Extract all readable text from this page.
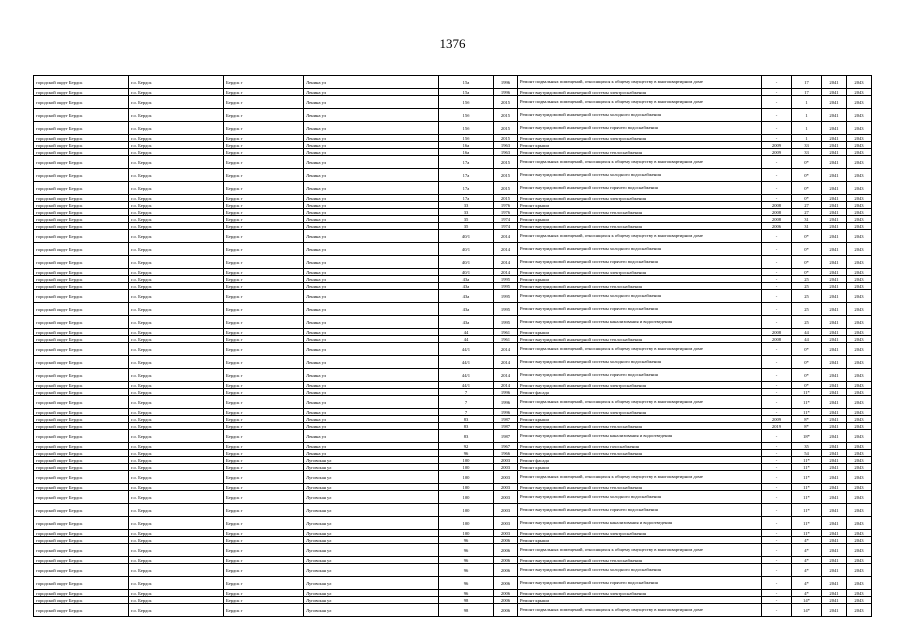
1376
городской округ Бердск	г.о. Бердск	Бердск г	Ленина ул	15а	1996	Ремонт подвальных помещений, относящихся к общему имуществу в многоквартирном доме	-	17	2041	2043
городской округ Бердск	г.о. Бердск	Бердск г	Ленина ул	15а	1996	Ремонт внутридомовой инженерной системы электроснабжения	-	17	2041	2043
городской округ Бердск	г.о. Бердск	Бердск г	Ленина ул	15б	2015	Ремонт подвальных помещений, относящихся к общему имуществу в многоквартирном доме	-	1	2041	2043
городской округ Бердск	г.о. Бердск	Бердск г	Ленина ул	15б	2015	Ремонт внутридомовой инженерной системы холодного водоснабжения	-	1	2041	2043
городской округ Бердск	г.о. Бердск	Бердск г	Ленина ул	15б	2015	Ремонт внутридомовой инженерной системы горячего водоснабжения	-	1	2041	2043
городской округ Бердск	г.о. Бердск	Бердск г	Ленина ул	15б	2015	Ремонт внутридомовой инженерной системы электроснабжения	-	1	2041	2043
городской округ Бердск	г.о. Бердск	Бердск г	Ленина ул	16а	1963	Ремонт крыши	2009	33	2041	2043
городской округ Бердск	г.о. Бердск	Бердск г	Ленина ул	16а	1963	Ремонт внутридомовой инженерной системы теплоснабжения	2009	33	2041	2043
городской округ Бердск	г.о. Бердск	Бердск г	Ленина ул	17а	2015	Ремонт подвальных помещений, относящихся к общему имуществу в многоквартирном доме	-	0*	2041	2043
городской округ Бердск	г.о. Бердск	Бердск г	Ленина ул	17а	2015	Ремонт внутридомовой инженерной системы холодного водоснабжения	-	0*	2041	2043
городской округ Бердск	г.о. Бердск	Бердск г	Ленина ул	17а	2015	Ремонт внутридомовой инженерной системы горячего водоснабжения	-	0*	2041	2043
городской округ Бердск	г.о. Бердск	Бердск г	Ленина ул	17а	2015	Ремонт внутридомовой инженерной системы электроснабжения	-	0*	2041	2043
городской округ Бердск	г.о. Бердск	Бердск г	Ленина ул	33	1976	Ремонт крыши	2008	27	2041	2043
городской округ Бердск	г.о. Бердск	Бердск г	Ленина ул	33	1976	Ремонт внутридомовой инженерной системы теплоснабжения	2008	27	2041	2043
городской округ Бердск	г.о. Бердск	Бердск г	Ленина ул	35	1974	Ремонт крыши	2008	31	2041	2043
городской округ Бердск	г.о. Бердск	Бердск г	Ленина ул	35	1974	Ремонт внутридомовой инженерной системы теплоснабжения	2006	31	2041	2043
городской округ Бердск	г.о. Бердск	Бердск г	Ленина ул	40/1	2014	Ремонт подвальных помещений, относящихся к общему имуществу в многоквартирном доме	-	0*	2041	2043
городской округ Бердск	г.о. Бердск	Бердск г	Ленина ул	40/1	2014	Ремонт внутридомовой инженерной системы холодного водоснабжения	-	0*	2041	2043
городской округ Бердск	г.о. Бердск	Бердск г	Ленина ул	40/1	2014	Ремонт внутридомовой инженерной системы горячего водоснабжения	-	0*	2041	2043
городской округ Бердск	г.о. Бердск	Бердск г	Ленина ул	40/1	2014	Ремонт внутридомовой инженерной системы электроснабжения	-	0*	2041	2043
городской округ Бердск	г.о. Бердск	Бердск г	Ленина ул	43а	1995	Ремонт крыши	-	25	2041	2043
городской округ Бердск	г.о. Бердск	Бердск г	Ленина ул	43а	1995	Ремонт внутридомовой инженерной системы теплоснабжения	-	25	2041	2043
городской округ Бердск	г.о. Бердск	Бердск г	Ленина ул	43а	1995	Ремонт внутридомовой инженерной системы холодного водоснабжения	-	25	2041	2043
городской округ Бердск	г.о. Бердск	Бердск г	Ленина ул	43а	1995	Ремонт внутридомовой инженерной системы горячего водоснабжения	-	25	2041	2043
городской округ Бердск	г.о. Бердск	Бердск г	Ленина ул	43а	1995	Ремонт внутридомовой инженерной системы канализования и водоотведения	-	25	2041	2043
городской округ Бердск	г.о. Бердск	Бердск г	Ленина ул	44	1961	Ремонт крыши	2008	44	2041	2043
городской округ Бердск	г.о. Бердск	Бердск г	Ленина ул	44	1961	Ремонт внутридомовой инженерной системы теплоснабжения	2008	44	2041	2043
городской округ Бердск	г.о. Бердск	Бердск г	Ленина ул	44/1	2014	Ремонт подвальных помещений, относящихся к общему имуществу в многоквартирном доме	-	0*	2041	2043
городской округ Бердск	г.о. Бердск	Бердск г	Ленина ул	44/1	2014	Ремонт внутридомовой инженерной системы холодного водоснабжения	-	0*	2041	2043
городской округ Бердск	г.о. Бердск	Бердск г	Ленина ул	44/1	2014	Ремонт внутридомовой инженерной системы горячего водоснабжения	-	0*	2041	2043
городской округ Бердск	г.о. Бердск	Бердск г	Ленина ул	44/1	2014	Ремонт внутридомовой инженерной системы электроснабжения	-	0*	2041	2043
городской округ Бердск	г.о. Бердск	Бердск г	Ленина ул	7	1996	Ремонт фасада	-	11*	2041	2043
городской округ Бердск	г.о. Бердск	Бердск г	Ленина ул	7	1996	Ремонт подвальных помещений, относящихся к общему имуществу в многоквартирном доме	-	11*	2041	2043
городской округ Бердск	г.о. Бердск	Бердск г	Ленина ул	7	1996	Ремонт внутридомовой инженерной системы электроснабжения	-	11*	2041	2043
городской округ Бердск	г.о. Бердск	Бердск г	Ленина ул	83	1987	Ремонт крыши	2009	8*	2041	2043
городской округ Бердск	г.о. Бердск	Бердск г	Ленина ул	83	1987	Ремонт внутридомовой инженерной системы теплоснабжения	2019	8*	2041	2043
городской округ Бердск	г.о. Бердск	Бердск г	Ленина ул	83	1987	Ремонт внутридомовой инженерной системы канализования и водоотведения	-	18*	2041	2043
городской округ Бердск	г.о. Бердск	Бердск г	Ленина ул	92	1967	Ремонт внутридомовой инженерной системы газоснабжения	-	35	2041	2043
городской округ Бердск	г.о. Бердск	Бердск г	Ленина ул	96	1966	Ремонт внутридомовой инженерной системы теплоснабжения	-	54	2041	2043
городской округ Бердск	г.о. Бердск	Бердск г	Луговская ул	100	2003	Ремонт фасада	-	11*	2041	2043
городской округ Бердск	г.о. Бердск	Бердск г	Луговская ул	100	2003	Ремонт крыши	-	11*	2041	2043
городской округ Бердск	г.о. Бердск	Бердск г	Луговская ул	100	2003	Ремонт подвальных помещений, относящихся к общему имуществу в многоквартирном доме	-	11*	2041	2043
городской округ Бердск	г.о. Бердск	Бердск г	Луговская ул	100	2003	Ремонт внутридомовой инженерной системы теплоснабжения	-	11*	2041	2043
городской округ Бердск	г.о. Бердск	Бердск г	Луговская ул	100	2003	Ремонт внутридомовой инженерной системы холодного водоснабжения	-	11*	2041	2043
городской округ Бердск	г.о. Бердск	Бердск г	Луговская ул	100	2003	Ремонт внутридомовой инженерной системы горячего водоснабжения	-	11*	2041	2043
городской округ Бердск	г.о. Бердск	Бердск г	Луговская ул	100	2003	Ремонт внутридомовой инженерной системы канализования и водоотведения	-	11*	2041	2043
городской округ Бердск	г.о. Бердск	Бердск г	Луговская ул	100	2003	Ремонт внутридомовой инженерной системы электроснабжения	-	11*	2041	2043
городской округ Бердск	г.о. Бердск	Бердск г	Луговская ул	96	2006	Ремонт крыши	-	4*	2041	2043
городской округ Бердск	г.о. Бердск	Бердск г	Луговская ул	96	2006	Ремонт подвальных помещений, относящихся к общему имуществу в многоквартирном доме	-	4*	2041	2043
городской округ Бердск	г.о. Бердск	Бердск г	Луговская ул	96	2006	Ремонт внутридомовой инженерной системы теплоснабжения	-	4*	2041	2043
городской округ Бердск	г.о. Бердск	Бердск г	Луговская ул	96	2006	Ремонт внутридомовой инженерной системы холодного водоснабжения	-	4*	2041	2043
городской округ Бердск	г.о. Бердск	Бердск г	Луговская ул	96	2006	Ремонт внутридомовой инженерной системы горячего водоснабжения	-	4*	2041	2043
городской округ Бердск	г.о. Бердск	Бердск г	Луговская ул	96	2006	Ремонт внутридомовой инженерной системы электроснабжения	-	4*	2041	2043
городской округ Бердск	г.о. Бердск	Бердск г	Луговская ул	98	2006	Ремонт крыши	-	14*	2041	2043
городской округ Бердск	г.о. Бердск	Бердск г	Луговская ул	98	2006	Ремонт подвальных помещений, относящихся к общему имуществу в многоквартирном доме	-	14*	2041	2043
